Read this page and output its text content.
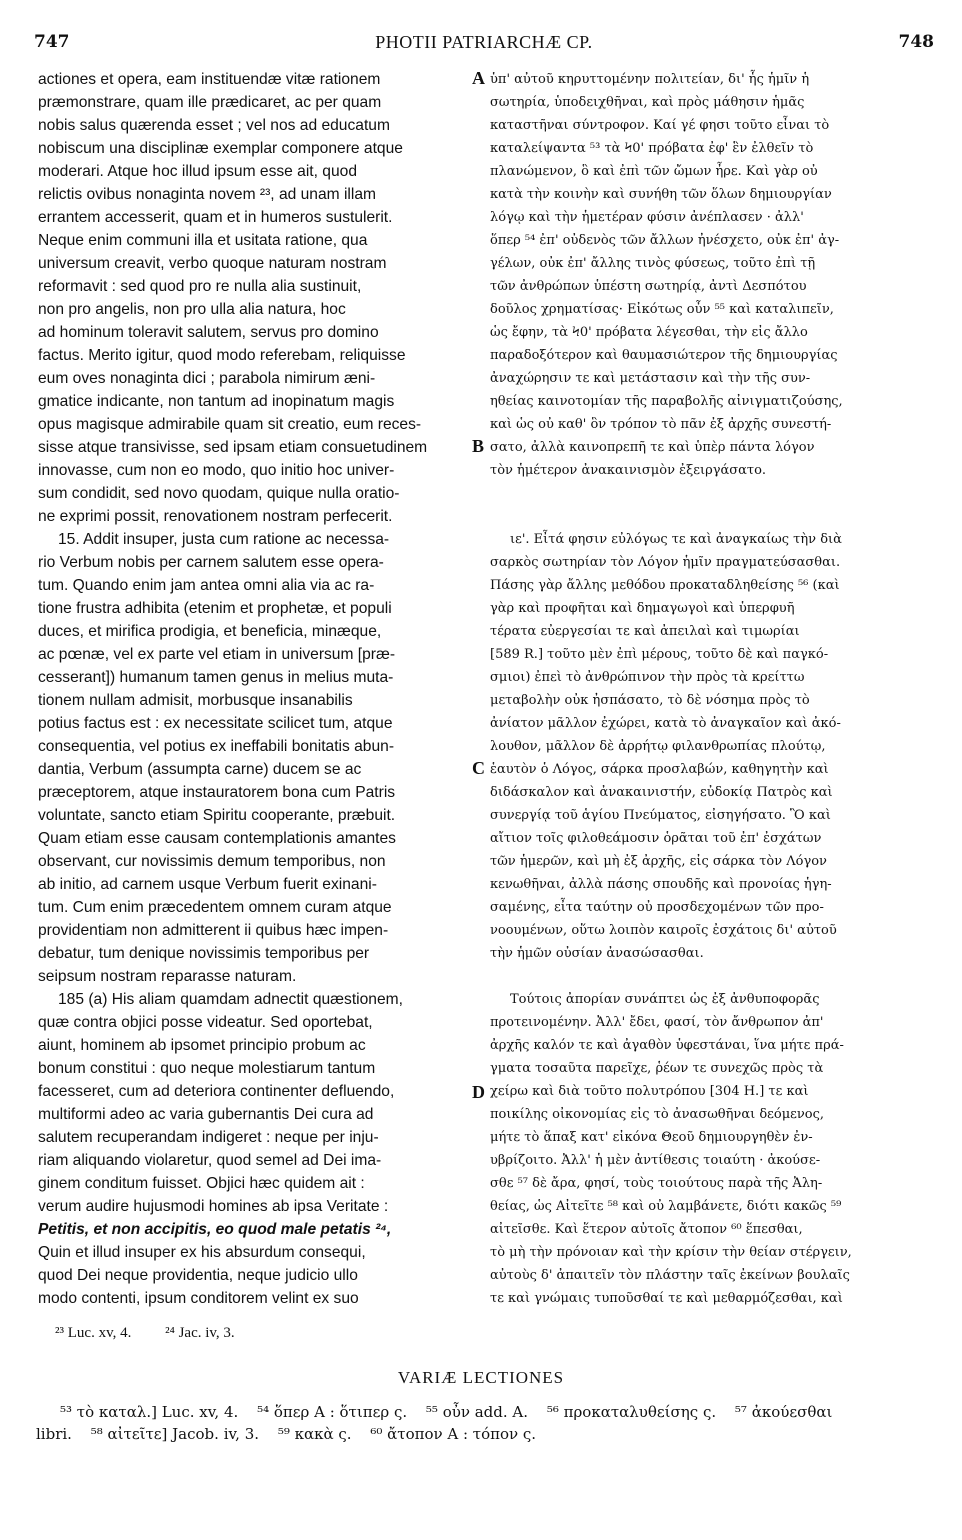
747	PHOTII PATRIARCHÆ CP.	748
actiones et opera, eam instituendæ vitæ rationem
præmonstrare, quam ille prædicaret, ac per quam
nobis salus quærenda esset ; vel nos ad educatum
nobiscum una disciplinæ exemplar componere atque
moderari. Atque hoc illud ipsum esse ait, quod
relictis ovibus nonaginta novem ²³, ad unam illam
errantem accesserit, quam et in humeros sustulerit.
Neque enim communi illa et usitata ratione, qua
universum creavit, verbo quoque naturam nostram
reformavit : sed quod pro re nulla alia sustinuit,
non pro angelis, non pro ulla alia natura, hoc
ad hominum toleravit salutem, servus pro domino
factus. Merito igitur, quod modo referebam, reliquisse
eum oves nonaginta dici ; parabola nimirum æni-
gmatice indicante, non tantum ad inopinatum magis
opus magisque admirabile quam sit creatio, eum reces-
sisse atque transivisse, sed ipsam etiam consuetudinem
innovasse, cum non eo modo, quo initio hoc univer-
sum condidit, sed novo quodam, quique nulla oratio-
ne exprimi possit, renovationem nostram perfecerit.
15. Addit insuper, justa cum ratione ac necessa-
rio Verbum nobis per carnem salutem esse opera-
tum. Quando enim jam antea omni alia via ac ra-
tione frustra adhibita (etenim et prophetæ, et populi
duces, et mirifica prodigia, et beneficia, minæque,
ac pœnæ, vel ex parte vel etiam in universum [præ-
cesserant]) humanum tamen genus in melius muta-
tionem nullam admisit, morbusque insanabilis
potius factus est : ex necessitate scilicet tum, atque
consequentia, vel potius ex ineffabili bonitatis abun-
dantia, Verbum (assumpta carne) ducem se ac
præceptorem, atque instauratorem bona cum Patris
voluntate, sancto etiam Spiritu cooperante, præbuit.
Quam etiam esse causam contemplationis amantes
observant, cur novissimis demum temporibus, non
ab initio, ad carnem usque Verbum fuerit exinani-
tum. Cum enim præcedentem omnem curam atque
providentiam non admitterent ii quibus hæc impen-
debatur, tum denique novissimis temporibus per
seipsum nostram reparasse naturam.
185 (a) His aliam quamdam adnectit quæstionem,
quæ contra objici posse videatur. Sed oportebat,
aiunt, hominem ab ipsomet principio probum ac
bonum constitui : quo neque molestiarum tantum
facesseret, cum ad deteriora continenter defluendo,
multiformi adeo ac varia gubernantis Dei cura ad
salutem recuperandam indigeret : neque per inju-
riam aliquando violaretur, quod semel ad Dei ima-
ginem conditum fuisset. Objici hæc quidem ait :
verum audire hujusmodi homines ab ipsa Veritate :
Petitis, et non accipitis, eo quod male petatis ²⁴,
Quin et illud insuper ex his absurdum consequi,
quod Dei neque providentia, neque judicio ullo
modo contenti, ipsum conditorem velint ex suo
ὑπ' αὐτοῦ κηρυττομένην πολιτείαν, δι' ἧς ἡμῖν ἡ
σωτηρία, ὑποδειχθῆναι, καὶ πρὸς μάθησιν ἡμᾶς
καταστῆναι σύντροφον. Καί γέ φησι τοῦτο εἶναι τὸ
καταλείψαντα ⁵³ τὰ Ϟ0' πρόβατα ἐφ' ἓν ἐλθεῖν τὸ
πλανώμενον, ὃ καὶ ἐπὶ τῶν ὤμων ἦρε. Καὶ γὰρ οὐ
κατὰ τὴν κοινὴν καὶ συνήθη τῶν ὅλων δημιουργίαν
λόγῳ καὶ τὴν ἡμετέραν φύσιν ἀνέπλασεν · ἀλλ'
ὅπερ ⁵⁴ ἐπ' οὐδενὸς τῶν ἄλλων ἠνέσχετο, οὐκ ἐπ' ἀγ-
γέλων, οὐκ ἐπ' ἄλλης τινὸς φύσεως, τοῦτο ἐπὶ τῇ
τῶν ἀνθρώπων ὑπέστη σωτηρίᾳ, ἀντὶ Δεσπότου
δοῦλος χρηματίσας· Εἰκότως οὖν ⁵⁵ καὶ καταλιπεῖν,
ὡς ἔφην, τὰ Ϟ0' πρόβατα λέγεσθαι, τὴν εἰς ἄλλο
παραδοξότερον καὶ θαυμασιώτερον τῆς δημιουργίας
ἀναχώρησιν τε καὶ μετάστασιν καὶ τὴν τῆς συν-
ηθείας καινοτομίαν τῆς παραβολῆς αἰνιγματιζούσης,
καὶ ὡς οὐ καθ' ὃν τρόπον τὸ πᾶν ἐξ ἀρχῆς συνεστή-
σατο, ἀλλὰ καινοπρεπῆ τε καὶ ὑπὲρ πάντα λόγον
τὸν ἡμέτερον ἀνακαινισμὸν ἐξειργάσατο.
ιε'. Εἶτά φησιν εὐλόγως τε καὶ ἀναγκαίως τὴν διὰ
σαρκὸς σωτηρίαν τὸν Λόγον ἡμῖν πραγματεύσασθαι.
Πάσης γὰρ ἄλλης μεθόδου προκαταδληθείσης ⁵⁶ (καὶ
γὰρ καὶ προφῆται καὶ δημαγωγοὶ καὶ ὑπερφυῆ
τέρατα εὐεργεσίαι τε καὶ ἀπειλαὶ καὶ τιμωρίαι
[589 R.] τοῦτο μὲν ἐπὶ μέρους, τοῦτο δὲ καὶ παγκό-
σμιοι) ἐπεὶ τὸ ἀνθρώπινον τὴν πρὸς τὰ κρείττω
μεταβολὴν οὐκ ἠσπάσατο, τὸ δὲ νόσημα πρὸς τὸ
ἀνίατον μᾶλλον ἐχώρει, κατὰ τὸ ἀναγκαῖον καὶ ἀκό-
λουθον, μᾶλλον δὲ ἀρρήτῳ φιλανθρωπίας πλούτῳ,
ἑαυτὸν ὁ Λόγος, σάρκα προσλαβών, καθηγητὴν καὶ
διδάσκαλον καὶ ἀνακαινιστήν, εὐδοκίᾳ Πατρὸς καὶ
συνεργίᾳ τοῦ ἁγίου Πνεύματος, εἰσηγήσατο. Ὃ καὶ
αἴτιον τοῖς φιλοθεάμοσιν ὁρᾶται τοῦ ἐπ' ἐσχάτων
τῶν ἡμερῶν, καὶ μὴ ἐξ ἀρχῆς, εἰς σάρκα τὸν Λόγον
κενωθῆναι, ἀλλὰ πάσης σπουδῆς καὶ προνοίας ἡγη-
σαμένης, εἶτα ταύτην οὐ προσδεχομένων τῶν προ-
νοουμένων, οὕτω λοιπὸν καιροῖς ἐσχάτοις δι' αὐτοῦ
τὴν ἡμῶν οὐσίαν ἀνασώσασθαι.
Τούτοις ἀπορίαν συνάπτει ὡς ἐξ ἀνθυποφορᾶς
προτεινομένην. Ἀλλ' ἔδει, φασί, τὸν ἄνθρωπον ἀπ'
ἀρχῆς καλόν τε καὶ ἀγαθὸν ὑφεστάναι, ἵνα μήτε πρά-
γματα τοσαῦτα παρεῖχε, ῥέων τε συνεχῶς πρὸς τὰ
χείρω καὶ διὰ τοῦτο πολυτρόπου [304 H.] τε καὶ
ποικίλης οἰκονομίας εἰς τὸ ἀνασωθῆναι δεόμενος,
μήτε τὸ ἅπαξ κατ' εἰκόνα Θεοῦ δημιουργηθὲν ἐν-
υβρίζοιτο. Ἀλλ' ἡ μὲν ἀντίθεσις τοιαύτη · ἀκούσε-
σθε ⁵⁷ δὲ ἄρα, φησί, τοὺς τοιούτους παρὰ τῆς Ἀλη-
θείας, ὡς Αἰτεῖτε ⁵⁸ καὶ οὐ λαμβάνετε, διότι κακῶς ⁵⁹
αἰτεῖσθε. Καὶ ἕτερον αὐτοῖς ἄτοπον ⁶⁰ ἕπεσθαι,
τὸ μὴ τὴν πρόνοιαν καὶ τὴν κρίσιν τὴν θείαν στέργειν,
αὐτοὺς δ' ἀπαιτεῖν τὸν πλάστην ταῖς ἐκείνων βουλαῖς
τε καὶ γνώμαις τυποῦσθαί τε καὶ μεθαρμόζεσθαι, καὶ
A
B
C
D
²³ Luc. xv, 4. ²⁴ Jac. iv, 3.
VARIÆ LECTIONES
⁵³ τὸ καταλ.] Luc. xv, 4. ⁵⁴ ὅπερ A : ὅτιπερ ς. ⁵⁵ οὖν add. A. ⁵⁶ προκαταλυθείσης ς. ⁵⁷ ἀκούεσθαι
libri. ⁵⁸ αἰτεῖτε] Jacob. iv, 3. ⁵⁹ κακὰ ς. ⁶⁰ ἄτοπον A : τόπον ς.
